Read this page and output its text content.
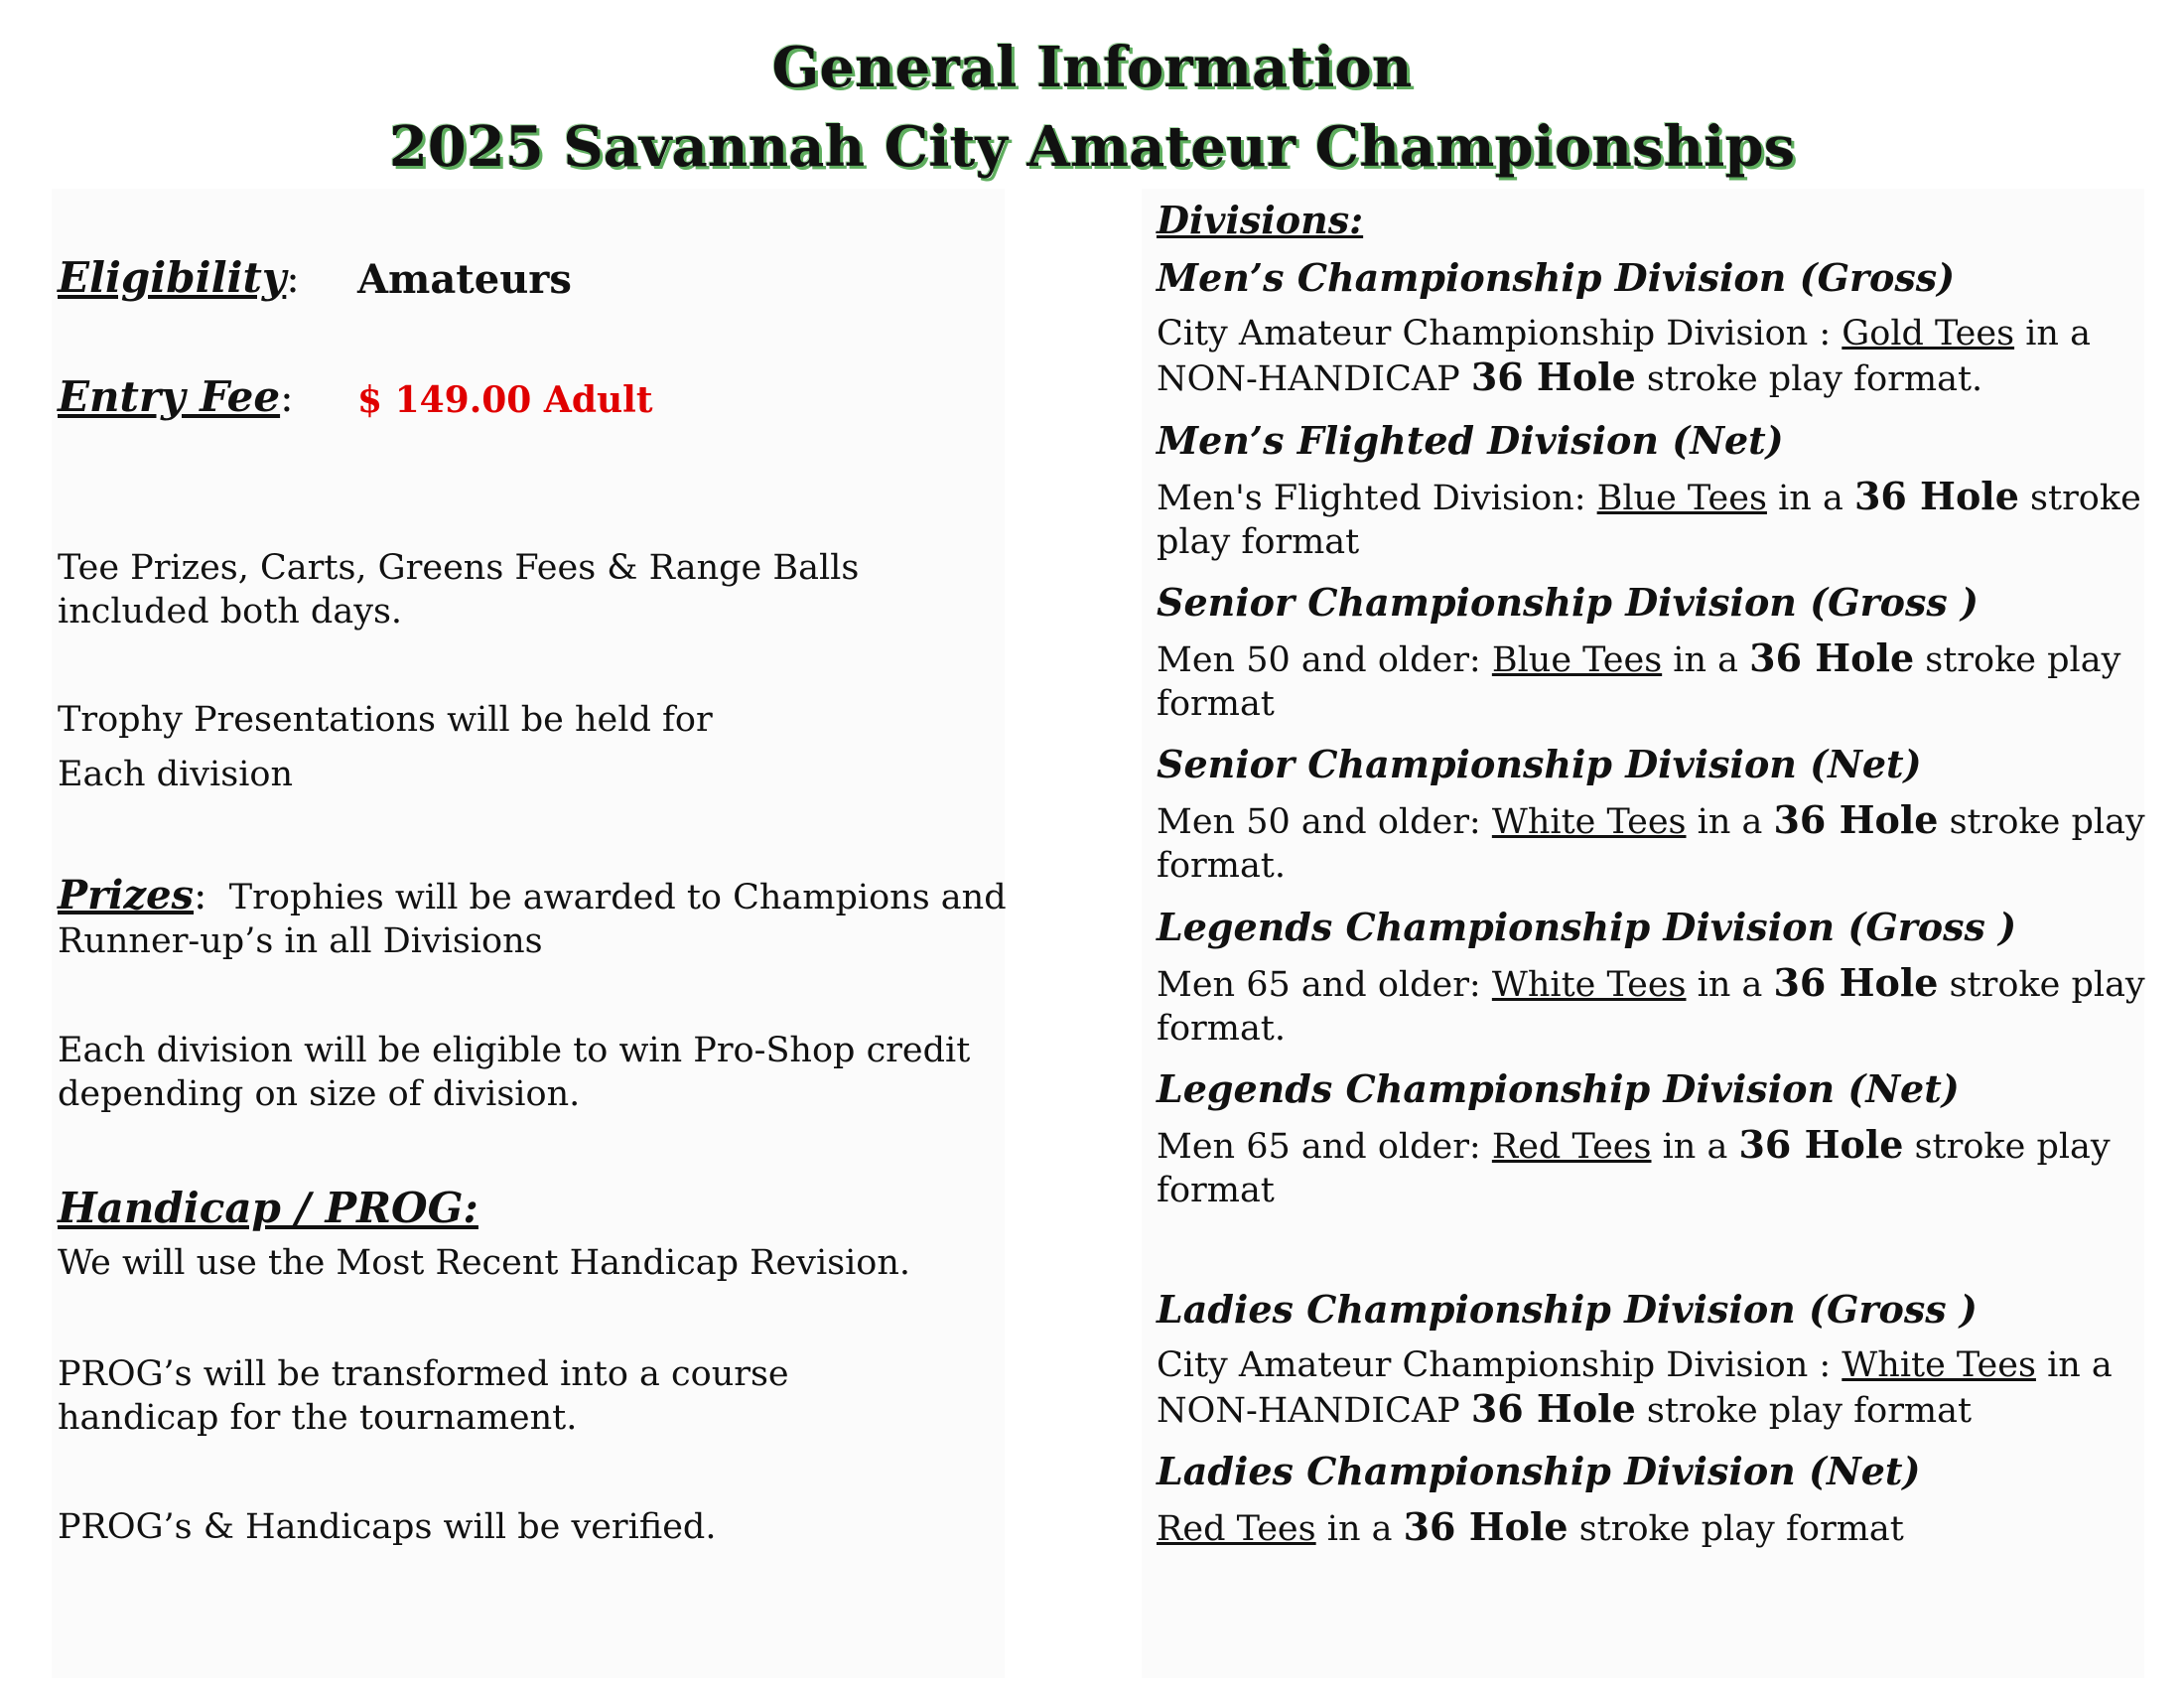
General Information
2025 Savannah City Amateur Championships
Eligibility: Amateurs
Entry Fee: $ 149.00 Adult

Tee Prizes, Carts, Greens Fees & Range Balls included both days.

Trophy Presentations will be held for

Each division

Prizes: Trophies will be awarded to Champions and Runner-up’s in all Divisions

Each division will be eligible to win Pro-Shop credit depending on size of division.

Handicap / PROG:

We will use the Most Recent Handicap Revision.

PROG’s will be transformed into a course handicap for the tournament.

PROG’s & Handicaps will be verified.

Divisions:
Men’s Championship Division (Gross)

City Amateur Championship Division : Gold Tees in a NON-HANDICAP 36 Hole stroke play format.

Men’s Flighted Division (Net)

Men's Flighted Division: Blue Tees in a 36 Hole stroke play format

Senior Championship Division (Gross )

Men 50 and older: Blue Tees in a 36 Hole stroke play format

Senior Championship Division (Net)

Men 50 and older: White Tees in a 36 Hole stroke play format.

Legends Championship Division (Gross )

Men 65 and older: White Tees in a 36 Hole stroke play format.

Legends Championship Division (Net)

Men 65 and older: Red Tees in a 36 Hole stroke play format

Ladies Championship Division (Gross )

City Amateur Championship Division : White Tees in a NON-HANDICAP 36 Hole stroke play format

Ladies Championship Division (Net)

Red Tees in a 36 Hole stroke play format
